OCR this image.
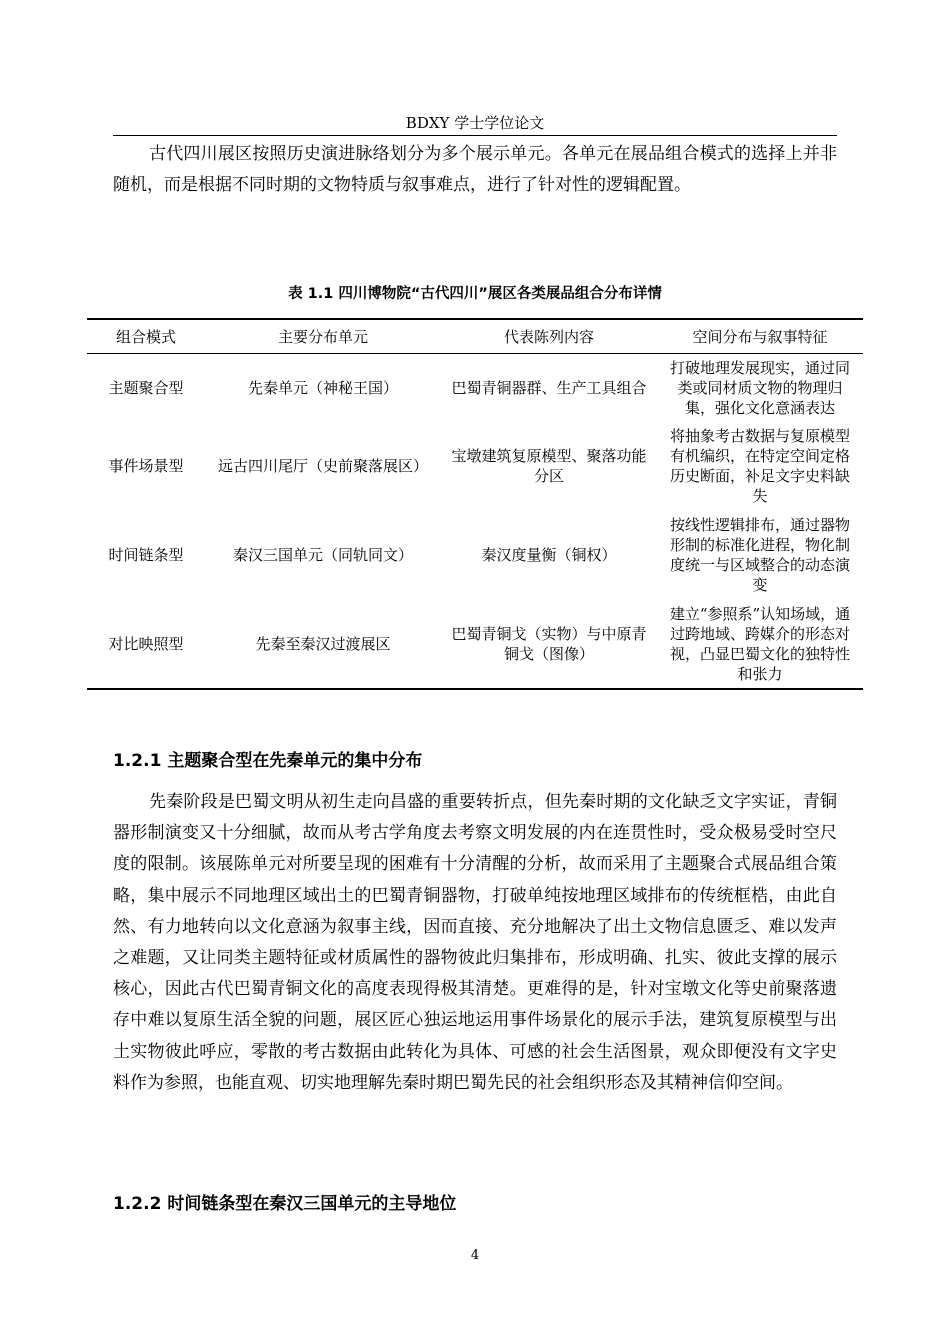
BDXY 学士学位论文

古代四川展区按照历史演进脉络划分为多个展示单元。各单元在展品组合模式的选择上并非随机，而是根据不同时期的文物特质与叙事难点，进行了针对性的逻辑配置。

表 1.1 四川博物院“古代四川”展区各类展品组合分布详情
组合模式	主要分布单元	代表陈列内容	空间分布与叙事特征
主题聚合型	先秦单元（神秘王国）	巴蜀青铜器群、生产工具组合	打破地理发展现实，通过同类或同材质文物的物理归集，强化文化意涵表达
事件场景型	远古四川尾厅（史前聚落展区）	宝墩建筑复原模型、聚落功能分区	将抽象考古数据与复原模型有机编织，在特定空间定格历史断面，补足文字史料缺失
时间链条型	秦汉三国单元（同轨同文）	秦汉度量衡（铜权）	按线性逻辑排布，通过器物形制的标准化进程，物化制度统一与区域整合的动态演变
对比映照型	先秦至秦汉过渡展区	巴蜀青铜戈（实物）与中原青铜戈（图像）	建立“参照系”认知场域，通过跨地域、跨媒介的形态对视，凸显巴蜀文化的独特性和张力
1.2.1 主题聚合型在先秦单元的集中分布

先秦阶段是巴蜀文明从初生走向昌盛的重要转折点，但先秦时期的文化缺乏文字实证，青铜器形制演变又十分细腻，故而从考古学角度去考察文明发展的内在连贯性时，受众极易受时空尺度的限制。该展陈单元对所要呈现的困难有十分清醒的分析，故而采用了主题聚合式展品组合策略，集中展示不同地理区域出土的巴蜀青铜器物，打破单纯按地理区域排布的传统框梏，由此自然、有力地转向以文化意涵为叙事主线，因而直接、充分地解决了出土文物信息匮乏、难以发声之难题，又让同类主题特征或材质属性的器物彼此归集排布，形成明确、扎实、彼此支撑的展示核心，因此古代巴蜀青铜文化的高度表现得极其清楚。更难得的是，针对宝墩文化等史前聚落遗存中难以复原生活全貌的问题，展区匠心独运地运用事件场景化的展示手法，建筑复原模型与出土实物彼此呼应，零散的考古数据由此转化为具体、可感的社会生活图景，观众即便没有文字史料作为参照，也能直观、切实地理解先秦时期巴蜀先民的社会组织形态及其精神信仰空间。

1.2.2 时间链条型在秦汉三国单元的主导地位
4
